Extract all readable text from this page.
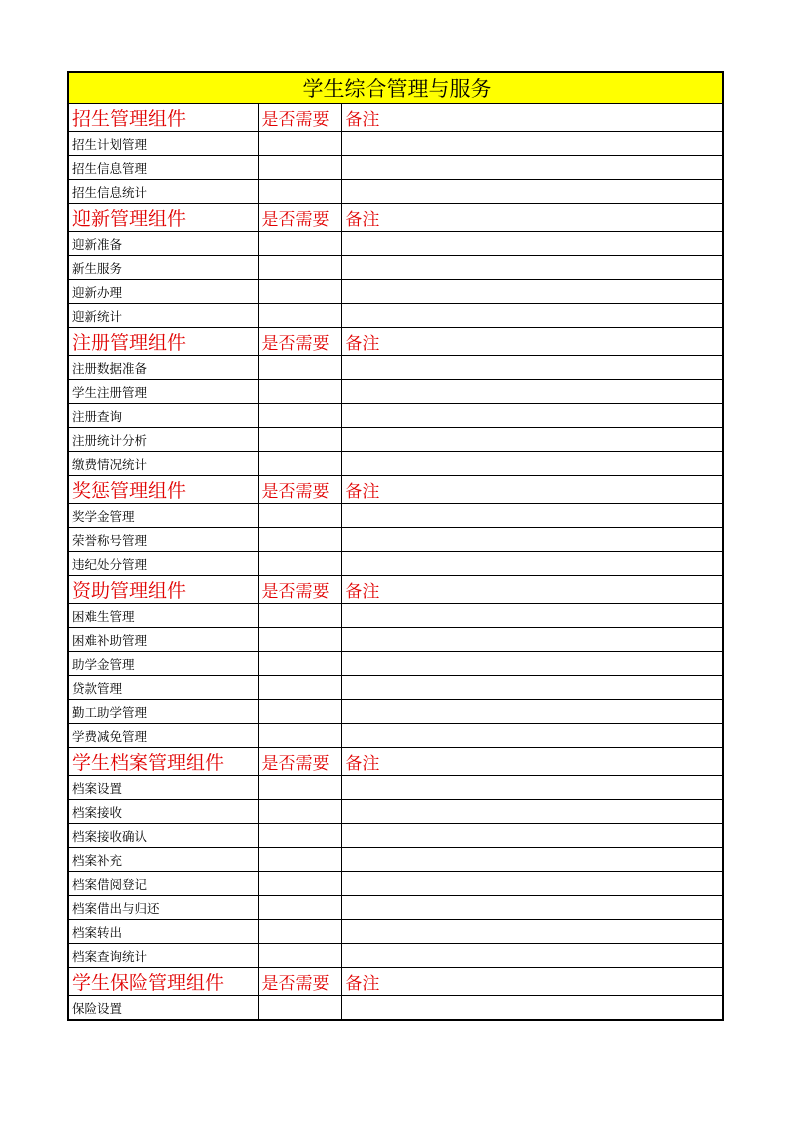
学生综合管理与服务		
招生管理组件	是否需要	备注
招生计划管理		
招生信息管理		
招生信息统计		
迎新管理组件	是否需要	备注
迎新准备		
新生服务		
迎新办理		
迎新统计		
注册管理组件	是否需要	备注
注册数据准备		
学生注册管理		
注册查询		
注册统计分析		
缴费情况统计		
奖惩管理组件	是否需要	备注
奖学金管理		
荣誉称号管理		
违纪处分管理		
资助管理组件	是否需要	备注
困难生管理		
困难补助管理		
助学金管理		
贷款管理		
勤工助学管理		
学费减免管理		
学生档案管理组件	是否需要	备注
档案设置		
档案接收		
档案接收确认		
档案补充		
档案借阅登记		
档案借出与归还		
档案转出		
档案查询统计		
学生保险管理组件	是否需要	备注
保险设置		
